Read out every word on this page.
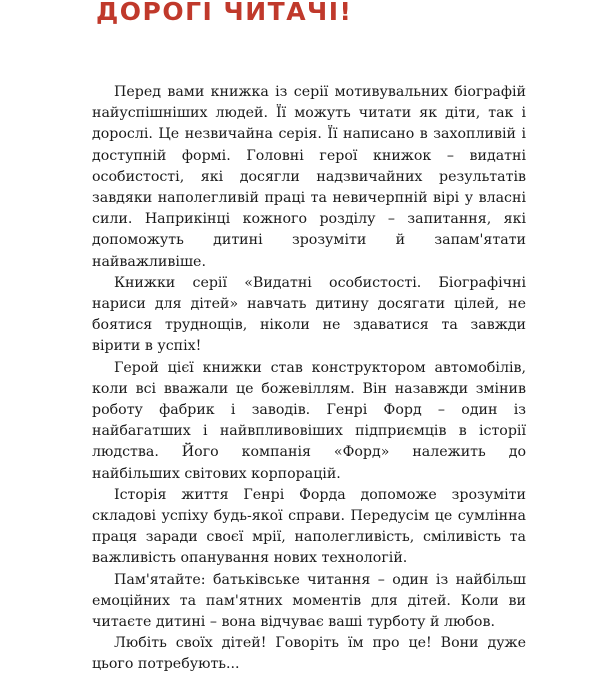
ДОРОГІ ЧИТАЧІ!

Перед вами книжка із серії мотивувальних біографій найуспішніших людей. Її можуть читати як діти, так і дорослі. Це незвичайна серія. Її написано в захопливій і доступній формі. Головні герої книжок – видатні особистості, які досягли надзвичайних результатів завдяки наполегливій праці та невичерпній вірі у власні сили. Наприкінці кожного розділу – запитання, які допоможуть дитині зрозуміти й запам'ятати найважливіше.

Книжки серії «Видатні особистості. Біографічні нариси для дітей» навчать дитину досягати цілей, не боятися труднощів, ніколи не здаватися та завжди вірити в успіх!

Герой цієї книжки став конструктором автомобілів, коли всі вважали це божевіллям. Він назавжди змінив роботу фабрик і заводів. Генрі Форд – один із найбагатших і найвпливовіших підприємців в історії людства. Його компанія «Форд» належить до найбільших світових корпорацій.

Історія життя Генрі Форда допоможе зрозуміти складові успіху будь-якої справи. Передусім це сумлінна праця заради своєї мрії, наполегливість, сміливість та важливість опанування нових технологій.

Пам'ятайте: батьківське читання – один із найбільш емоційних та пам'ятних моментів для дітей. Коли ви читаєте дитині – вона відчуває ваші турботу й любов.

Любіть своїх дітей! Говоріть їм про це! Вони дуже цього потребують...
